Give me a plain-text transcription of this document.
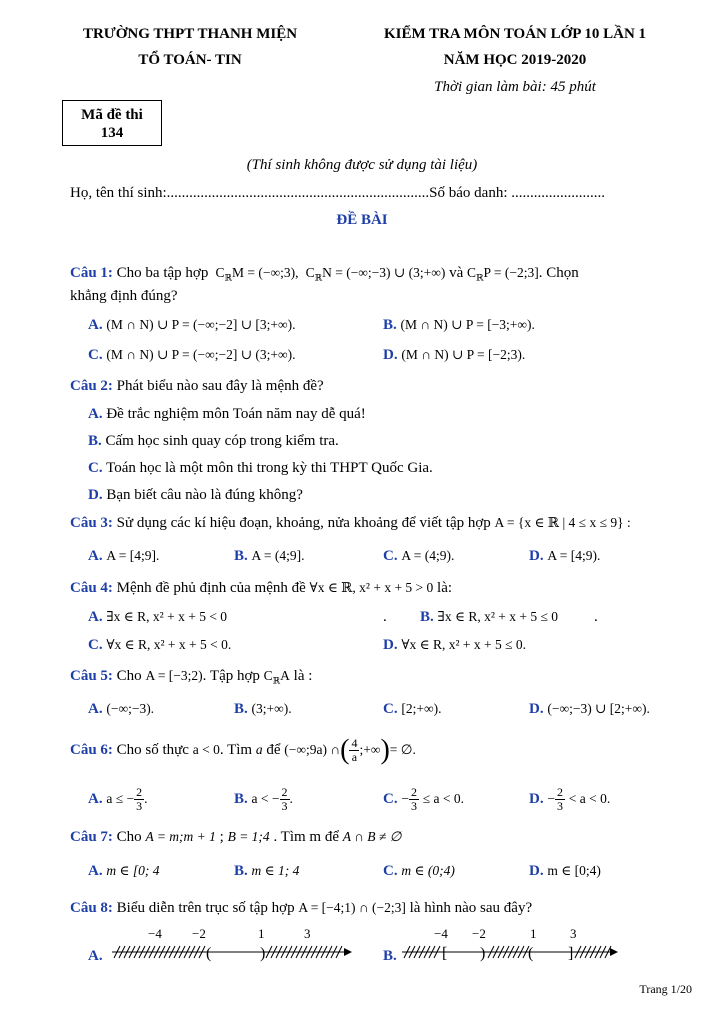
TRƯỜNG THPT THANH MIỆN
TỔ TOÁN- TIN
KIỂM TRA MÔN TOÁN LỚP 10 LẦN 1
NĂM HỌC 2019-2020
Thời gian làm bài: 45 phút
Mã đề thi
134
(Thí sinh không được sử dụng tài liệu)
Họ, tên thí sinh:......................................................................Số báo danh: .........................
ĐỀ BÀI
Câu 1: Cho ba tập hợp  $C_ℝM$ = (−∞;3),  $C_ℝN$ = (−∞;−3) ∪ (3;+∞) và $C_ℝP$ = (−2;3]. Chọn
khẳng định đúng?
A. (M ∩ N) ∪ P = (−∞;−2] ∪ [3;+∞).	B. (M ∩ N) ∪ P = [−3;+∞).
C. (M ∩ N) ∪ P = (−∞;−2] ∪ (3;+∞).	D. (M ∩ N) ∪ P = [−2;3).
Câu 2: Phát biểu nào sau đây là mệnh đề?
A. Đề trắc nghiệm môn Toán năm nay dễ quá!
B. Cấm học sinh quay cóp trong kiểm tra.
C. Toán học là một môn thi trong kỳ thi THPT Quốc Gia.
D. Bạn biết câu nào là đúng không?
Câu 3: Sử dụng các kí hiệu đoạn, khoảng, nửa khoảng để viết tập hợp A = {x ∈ ℝ | 4 ≤ x ≤ 9} :
A. A = [4;9].	B. A = (4;9].	C. A = (4;9).	D. A = [4;9).
Câu 4: Mệnh đề phủ định của mệnh đề ∀x ∈ ℝ, x² + x + 5 > 0 là:
A. ∃x ∈ R, x² + x + 5 < 0	. B. ∃x ∈ R, x² + x + 5 ≤ 0 .
C. ∀x ∈ R, x² + x + 5 < 0.	D. ∀x ∈ R, x² + x + 5 ≤ 0.
Câu 5: Cho A = [−3;2). Tập hợp $C_ℝA$ là :
A. (−∞;−3).	B. (3;+∞).	C. [2;+∞).	D. (−∞;−3) ∪ [2;+∞).
Câu 6: Cho số thực a < 0. Tìm a để (−∞;9a) ∩( $\frac{4}{a}$ ;+∞)= ∅.
A. a ≤ − $\frac{2}{3}$ .	B. a < − $\frac{2}{3}$ .	C. − $\frac{2}{3} \le a < 0$.	D. − $\frac{2}{3} < a < 0$.
Câu 7: Cho A = m;m + 1 ; B = 1;4 . Tìm m để A ∩ B ≠ ∅
A. m ∈ [0; 4	B. m ∈ 1; 4	C. m ∈ (0;4)	D. m ∈ [0;4)
Câu 8: Biểu diễn trên trục số tập hợp A = [−4;1) ∩ (−2;3] là hình nào sau đây?
A.	(	)
−4 −2	1	3
B.	[ )	( ]
−4 −2	1	3
Trang 1/20
